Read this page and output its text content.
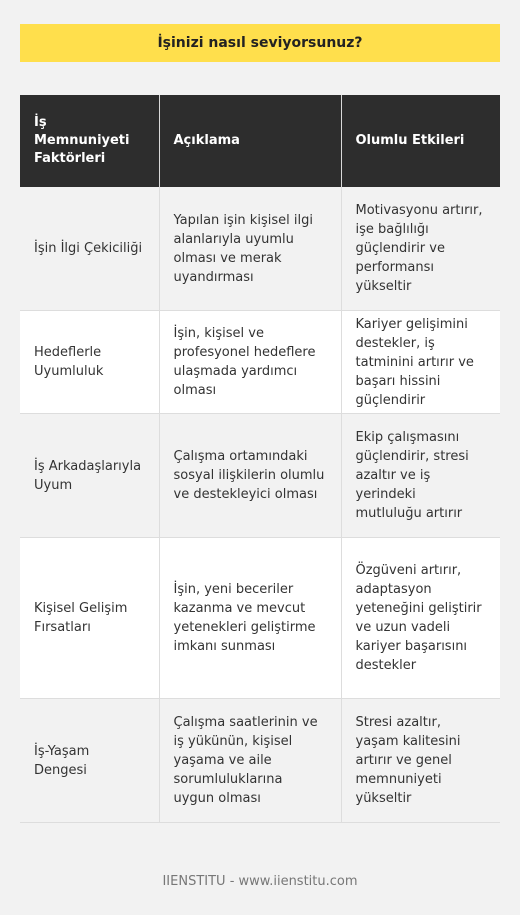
İşinizi nasıl seviyorsunuz?
İş Memnuniyeti Faktörleri	Açıklama	Olumlu Etkileri
İşin İlgi Çekiciliği	Yapılan işin kişisel ilgi alanlarıyla uyumlu olması ve merak uyandırması	Motivasyonu artırır, işe bağlılığı güçlendirir ve performansı yükseltir
Hedeflerle Uyumluluk	İşin, kişisel ve profesyonel hedeflere ulaşmada yardımcı olması	Kariyer gelişimini destekler, iş tatminini artırır ve başarı hissini güçlendirir
İş Arkadaşlarıyla Uyum	Çalışma ortamındaki sosyal ilişkilerin olumlu ve destekleyici olması	Ekip çalışmasını güçlendirir, stresi azaltır ve iş yerindeki mutluluğu artırır
Kişisel Gelişim Fırsatları	İşin, yeni beceriler kazanma ve mevcut yetenekleri geliştirme imkanı sunması	Özgüveni artırır, adaptasyon yeteneğini geliştirir ve uzun vadeli kariyer başarısını destekler
İş-Yaşam Dengesi	Çalışma saatlerinin ve iş yükünün, kişisel yaşama ve aile sorumluluklarına uygun olması	Stresi azaltır, yaşam kalitesini artırır ve genel memnuniyeti yükseltir
IIENSTITU - www.iienstitu.com
